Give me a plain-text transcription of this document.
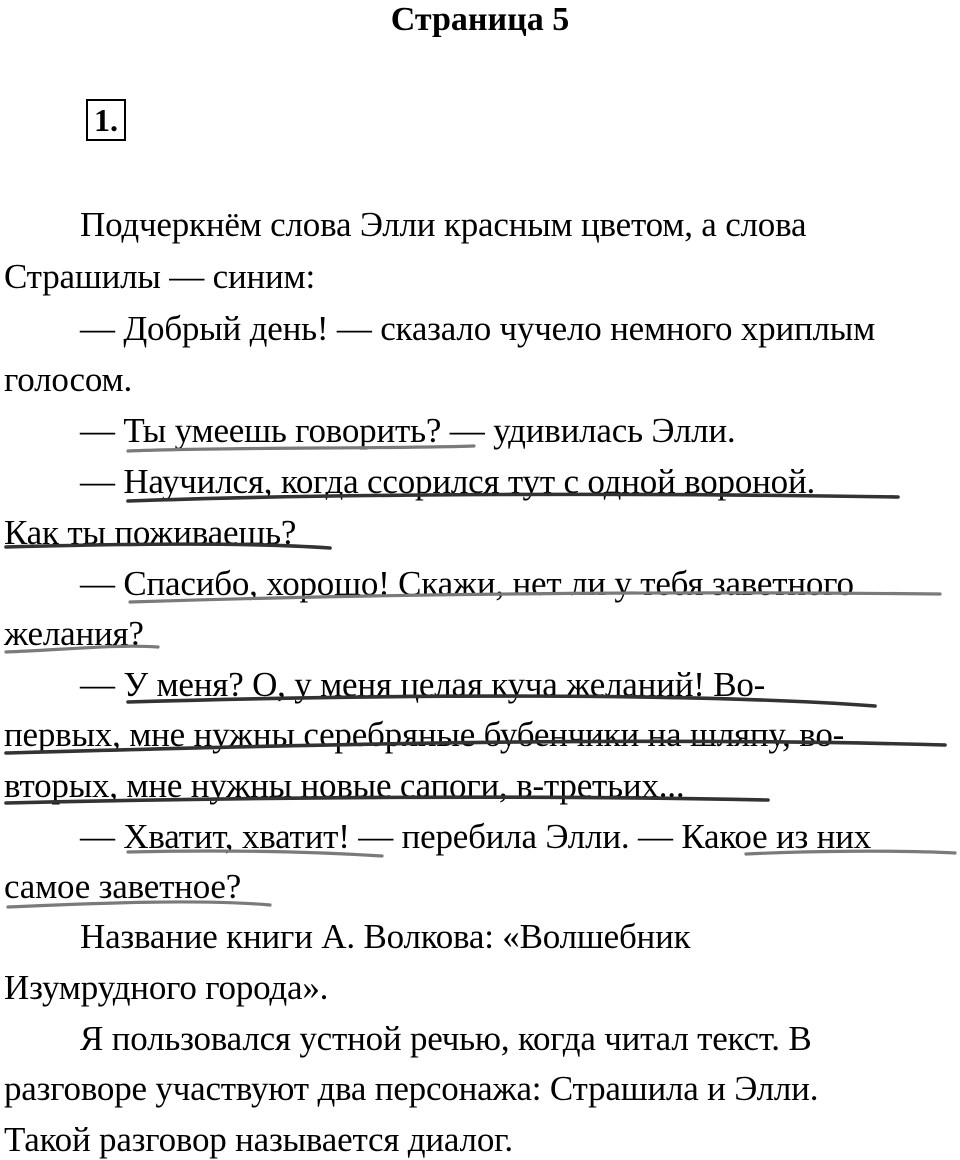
Страница 5
1.
Подчеркнём слова Элли красным цветом, а слова
Страшилы — синим:
— Добрый день! — сказало чучело немного хриплым
голосом.
— Ты умеешь говорить? — удивилась Элли.
— Научился, когда ссорился тут с одной вороной.
Как ты поживаешь?
— Спасибо, хорошо! Скажи, нет ли у тебя заветного
желания?
— У меня? О, у меня целая куча желаний! Во-
первых, мне нужны серебряные бубенчики на шляпу, во-
вторых, мне нужны новые сапоги, в-третьих...
— Хватит, хватит! — перебила Элли. — Какое из них
самое заветное?
Название книги А. Волкова: «Волшебник
Изумрудного города».
Я пользовался устной речью, когда читал текст. В
разговоре участвуют два персонажа: Страшила и Элли.
Такой разговор называется диалог.
